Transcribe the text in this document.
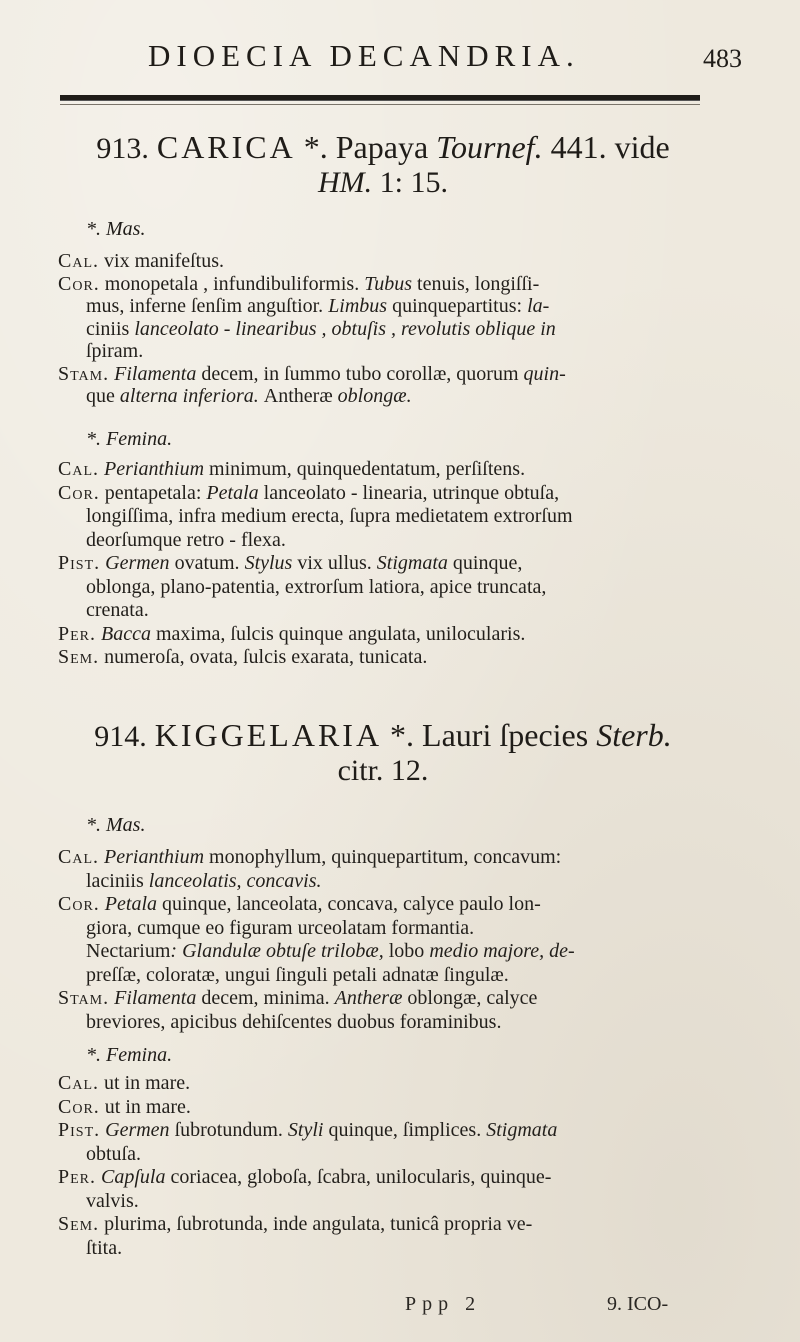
DIOECIA DECANDRIA.	483
913. CARICA *. Papaya Tournef. 441. vide
HM. 1: 15.
*. Mas.
Cal. vix manifeſtus.
Cor. monopetala , infundibuliformis. Tubus tenuis, longiſſi-
mus, inferne ſenſim anguſtior. Limbus quinquepartitus: la-
ciniis lanceolato - linearibus , obtuſis , revolutis oblique in
ſpiram.
Stam. Filamenta decem, in ſummo tubo corollæ, quorum quin-
que alterna inferiora. Antheræ oblongæ.
*. Femina.
Cal. Perianthium minimum, quinquedentatum, perſiſtens.
Cor. pentapetala: Petala lanceolato - linearia, utrinque obtuſa,
longiſſima, infra medium erecta, ſupra medietatem extrorſum
deorſumque retro - flexa.
Pist. Germen ovatum. Stylus vix ullus. Stigmata quinque,
oblonga, plano-patentia, extrorſum latiora, apice truncata,
crenata.
Per. Bacca maxima, ſulcis quinque angulata, unilocularis.
Sem. numeroſa, ovata, ſulcis exarata, tunicata.
914. KIGGELARIA *. Lauri ſpecies Sterb.
citr. 12.
*. Mas.
Cal. Perianthium monophyllum, quinquepartitum, concavum:
laciniis lanceolatis, concavis.
Cor. Petala quinque, lanceolata, concava, calyce paulo lon-
giora, cumque eo figuram urceolatam formantia.
Nectarium: Glandulæ obtuſe trilobæ, lobo medio majore, de-
preſſæ, coloratæ, ungui ſinguli petali adnatæ ſingulæ.
Stam. Filamenta decem, minima. Antheræ oblongæ, calyce
breviores, apicibus dehiſcentes duobus foraminibus.
*. Femina.
Cal. ut in mare.
Cor. ut in mare.
Pist. Germen ſubrotundum. Styli quinque, ſimplices. Stigmata
obtuſa.
Per. Capſula coriacea, globoſa, ſcabra, unilocularis, quinque-
valvis.
Sem. plurima, ſubrotunda, inde angulata, tunicâ propria ve-
ſtita.
Ppp 2	9. ICO-
